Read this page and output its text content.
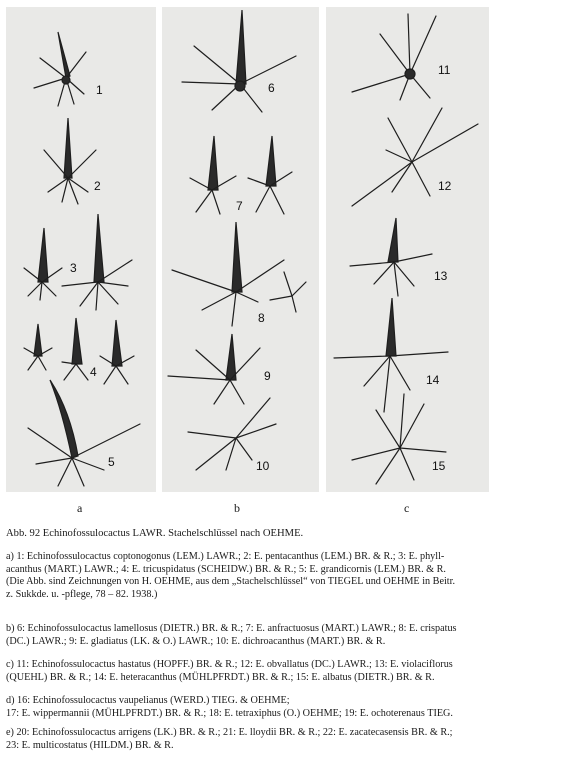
1
2
3
4
5
6
7
8
9
10
11
12
13
14
15
a	b	c
Abb. 92 Echinofossulocactus LAWR. Stachelschlüssel nach OEHME.

a) 1: Echinofossulocactus coptonogonus (LEM.) LAWR.; 2: E. pentacanthus (LEM.) BR. & R.; 3: E. phyll-

acanthus (MART.) LAWR.; 4: E. tricuspidatus (SCHEIDW.) BR. & R.; 5: E. grandicornis (LEM.) BR. & R.

(Die Abb. sind Zeichnungen von H. OEHME, aus dem „Stachelschlüssel“ von TIEGEL und OEHME in Beitr.

z. Sukkde. u. -pflege, 78 – 82. 1938.)

b) 6: Echinofossulocactus lamellosus (DIETR.) BR. & R.; 7: E. anfractuosus (MART.) LAWR.; 8: E. crispatus

(DC.) LAWR.; 9: E. gladiatus (LK. & O.) LAWR.; 10: E. dichroacanthus (MART.) BR. & R.

c) 11: Echinofossulocactus hastatus (HOPFF.) BR. & R.; 12: E. obvallatus (DC.) LAWR.; 13: E. violaciflorus

(QUEHL) BR. & R.; 14: E. heteracanthus (MÜHLPFRDT.) BR. & R.; 15: E. albatus (DIETR.) BR. & R.

d) 16: Echinofossulocactus vaupelianus (WERD.) TIEG. & OEHME;

17: E. wippermannii (MÜHLPFRDT.) BR. & R.; 18: E. tetraxiphus (O.) OEHME; 19: E. ochoterenaus TIEG.

e) 20: Echinofossulocactus arrigens (LK.) BR. & R.; 21: E. lloydii BR. & R.; 22: E. zacatecasensis BR. & R.;

23: E. multicostatus (HILDM.) BR. & R.
